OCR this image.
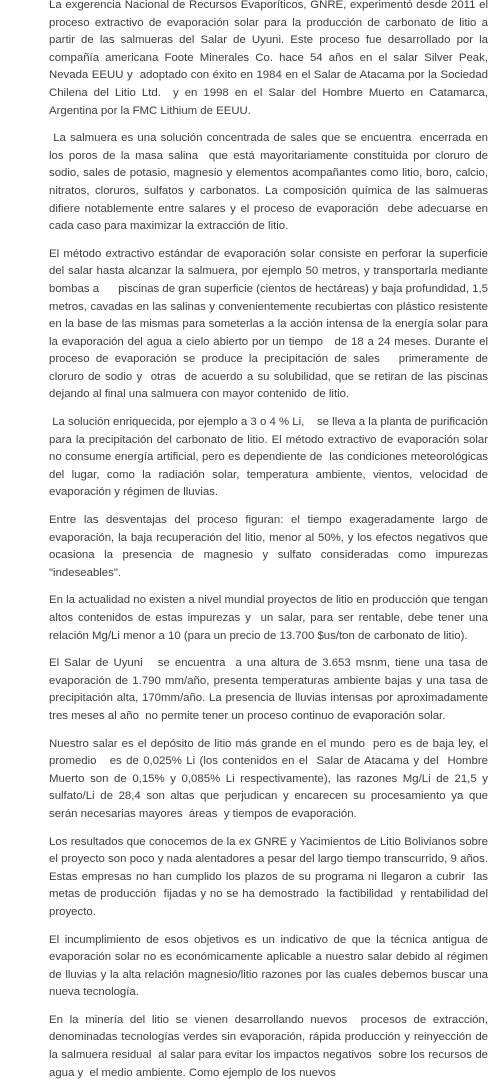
La exgerencia Nacional de Recursos Evaporíticos, GNRE, experimentó desde 2011 el proceso extractivo de evaporación solar para la producción de carbonato de litio a partir de las salmueras del Salar de Uyuni. Este proceso fue desarrollado por la  compañía americana Foote Minerales Co. hace 54 años en el salar Silver Peak, Nevada EEUU y  adoptado con éxito en 1984 en el Salar de Atacama por la Sociedad Chilena del Litio Ltd.  y en 1998 en el Salar del Hombre Muerto en Catamarca, Argentina por la FMC Lithium de EEUU.

La salmuera es una solución concentrada de sales que se encuentra  encerrada en los poros de la masa salina  que está mayoritariamente constituida por cloruro de sodio, sales de potasio, magnesio y elementos acompañantes como litio, boro, calcio, nitratos, cloruros, sulfatos y carbonatos. La composición química de las salmueras difiere notablemente entre salares y el proceso de evaporación  debe adecuarse en cada caso para maximizar la extracción de litio.

El método extractivo estándar de evaporación solar consiste en perforar la superficie del salar hasta alcanzar la salmuera, por ejemplo 50 metros, y transportarla mediante bombas a      piscinas de gran superficie (cientos de hectáreas) y baja profundidad, 1,5 metros, cavadas en las salinas y convenientemente recubiertas con plástico resistente en la base de las mismas para someterlas a la acción intensa de la energía solar para  la evaporación del agua a cielo abierto por un tiempo   de 18 a 24 meses. Durante el proceso de evaporación se produce la precipitación de sales   primeramente de cloruro de sodio y  otras  de acuerdo a su solubilidad, que se retiran de las piscinas dejando al final una salmuera con mayor contenido  de litio.

La solución enriquecida, por ejemplo a 3 o 4 % Li,    se lleva a la planta de purificación para la precipitación del carbonato de litio. El método extractivo de evaporación solar no consume energía artificial, pero es dependiente de  las condiciones meteorológicas del lugar, como la radiación solar, temperatura ambiente, vientos, velocidad de evaporación y régimen de lluvias.

Entre las desventajas del proceso figuran: el tiempo exageradamente largo de evaporación, la baja recuperación del litio, menor al 50%, y los efectos negativos que ocasiona la presencia de magnesio y sulfato consideradas como impurezas "indeseables".

En la actualidad no existen a nivel mundial proyectos de litio en producción que tengan altos contenidos de estas impurezas y  un salar, para ser rentable, debe tener una relación Mg/Li menor a 10 (para un precio de 13.700 $us/ton de carbonato de litio).

El Salar de Uyuni   se encuentra  a una altura de 3.653 msnm, tiene una tasa de evaporación de 1.790 mm/año, presenta temperaturas ambiente bajas y una tasa de precipitación alta, 170mm/año. La presencia de lluvias intensas por aproximadamente  tres meses al año  no permite tener un proceso continuo de evaporación solar.

Nuestro salar es el depósito de litio más grande en el mundo  pero es de baja ley, el promedio   es de 0,025% Li (los contenidos en el  Salar de Atacama y del  Hombre Muerto son de 0,15% y 0,085% Li respectivamente), las razones Mg/Li de 21,5 y sulfato/Li de 28,4 son altas que perjudican y encarecen su procesamiento ya que  serán necesarias mayores  áreas  y tiempos de evaporación.

Los resultados que conocemos de la ex GNRE y Yacimientos de Litio Bolivianos sobre el proyecto son poco y nada alentadores a pesar del largo tiempo transcurrido, 9 años. Estas empresas no han cumplido los plazos de su programa ni llegaron a cubrir  las metas de producción  fijadas y no se ha demostrado  la factibilidad  y rentabilidad del proyecto.

El incumplimiento de esos objetivos es un indicativo de que la técnica antigua de evaporación solar no es económicamente aplicable a nuestro salar debido al régimen de lluvias y la alta relación magnesio/litio razones por las cuales debemos buscar una nueva tecnología.

En la minería del litio se vienen desarrollando nuevos  procesos de extracción, denominadas tecnologías verdes sin evaporación, rápida producción y reinyección de la salmuera residual  al salar para evitar los impactos negativos  sobre los recursos de agua y  el medio ambiente. Como ejemplo de los nuevos
